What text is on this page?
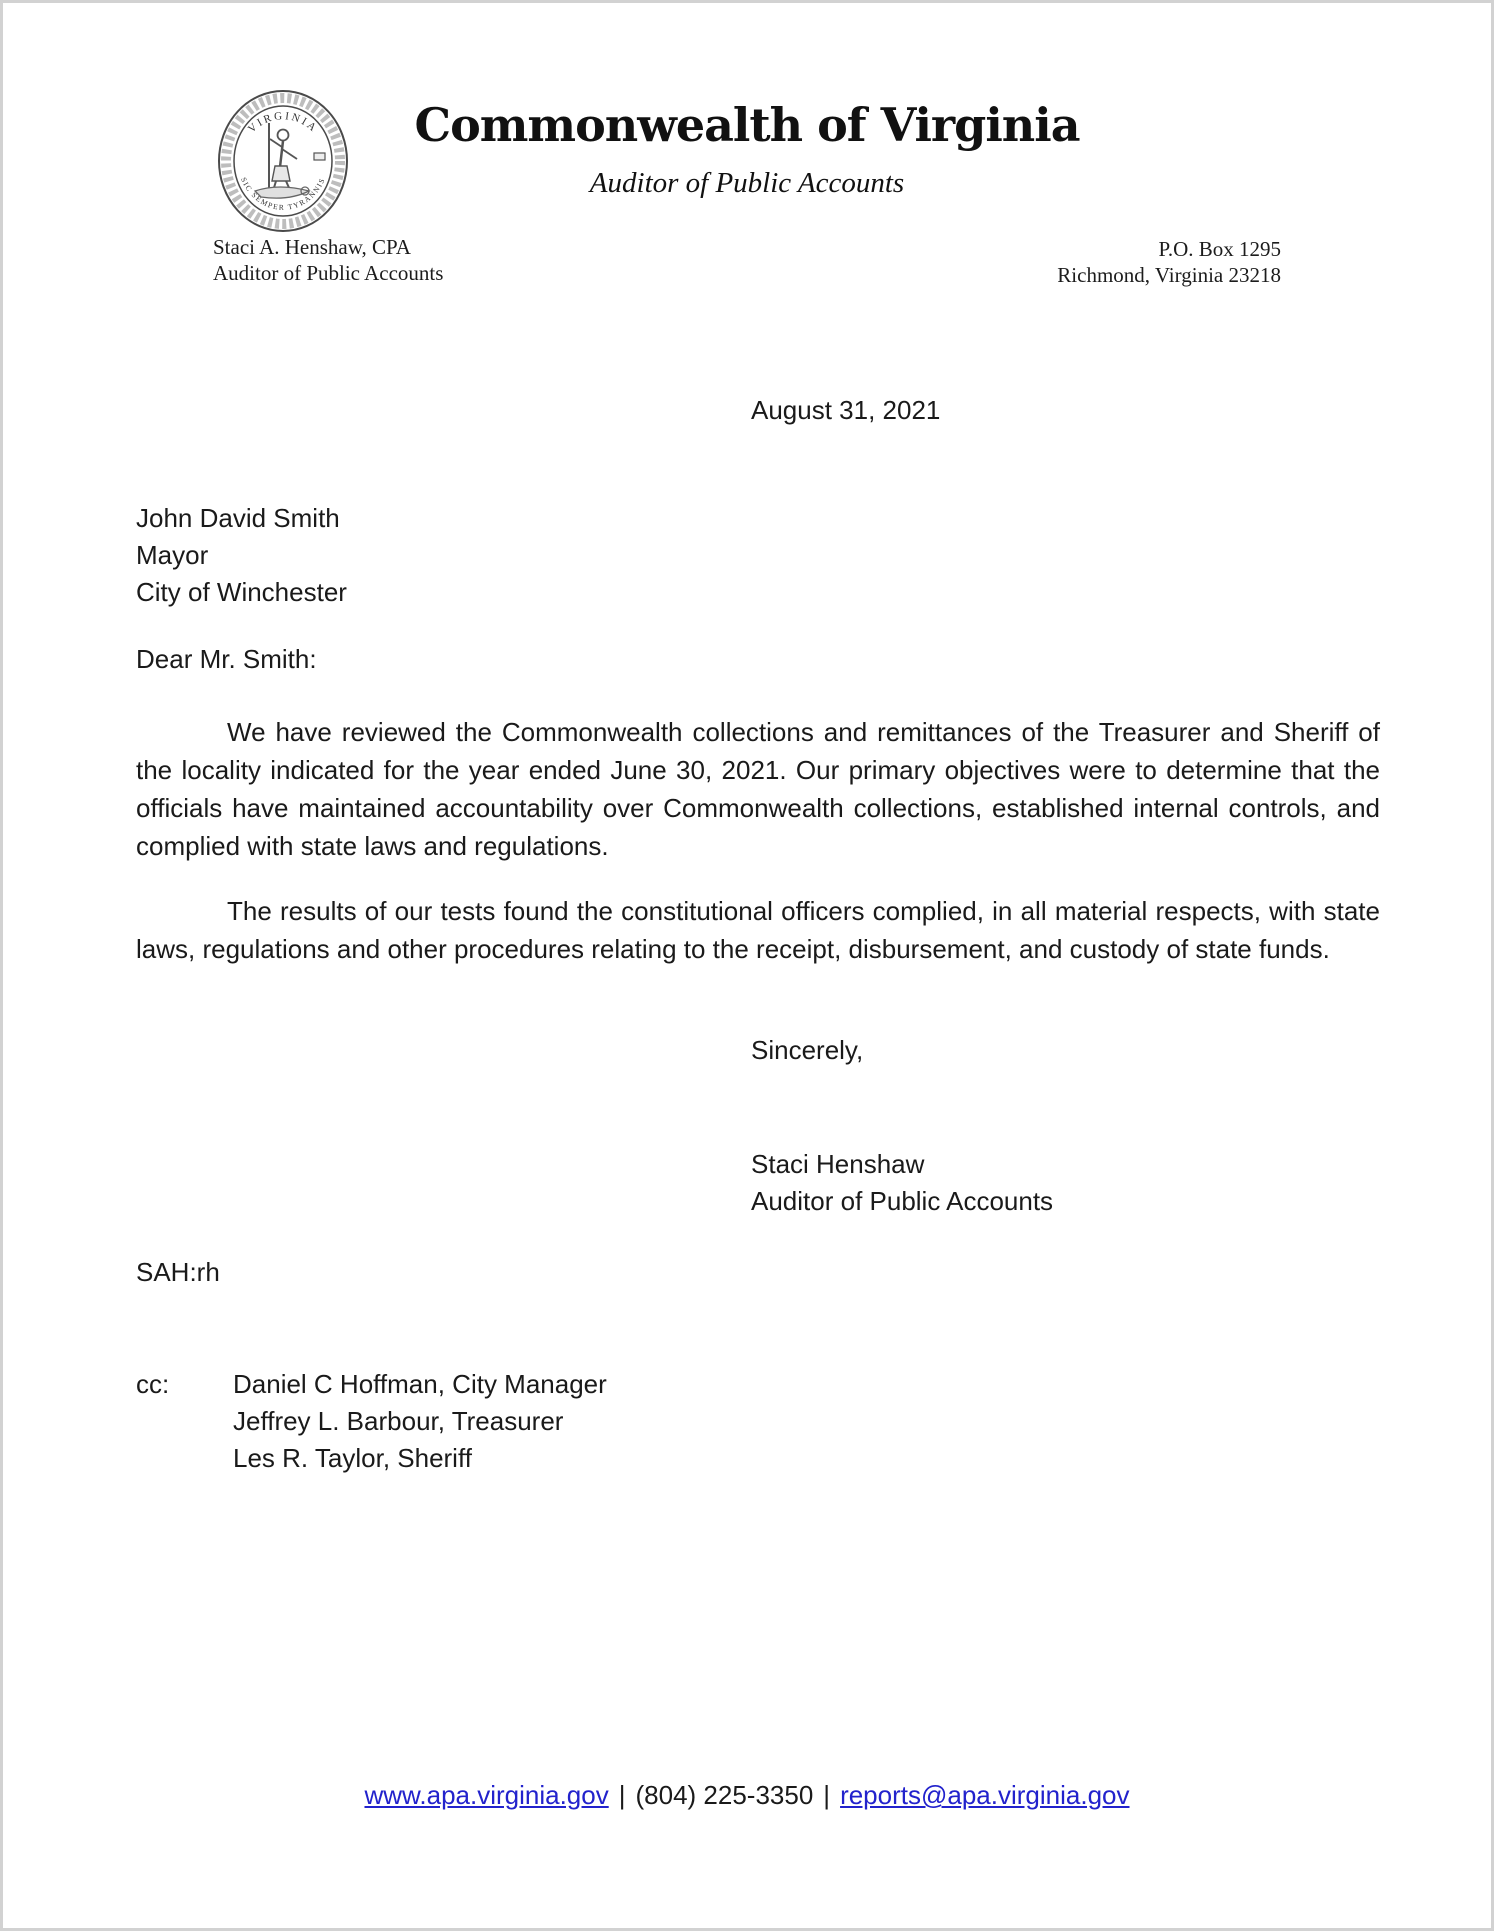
VIRGINIA
SIC SEMPER TYRANNIS
Commonwealth of Virginia
Auditor of Public Accounts
Staci A. Henshaw, CPA
Auditor of Public Accounts
P.O. Box 1295
Richmond, Virginia 23218
August 31, 2021
John David Smith
Mayor
City of Winchester
Dear Mr. Smith:

We have reviewed the Commonwealth collections and remittances of the Treasurer and Sheriff of the locality indicated for the year ended June 30, 2021. Our primary objectives were to determine that the officials have maintained accountability over Commonwealth collections, established internal controls, and complied with state laws and regulations.

The results of our tests found the constitutional officers complied, in all material respects, with state laws, regulations and other procedures relating to the receipt, disbursement, and custody of state funds.

Sincerely,
Staci Henshaw
Auditor of Public Accounts
SAH:rh
cc:	Daniel C Hoffman, City Manager
Jeffrey L. Barbour, Treasurer
Les R. Taylor, Sheriff
www.apa.virginia.gov | (804) 225-3350 | reports@apa.virginia.gov
